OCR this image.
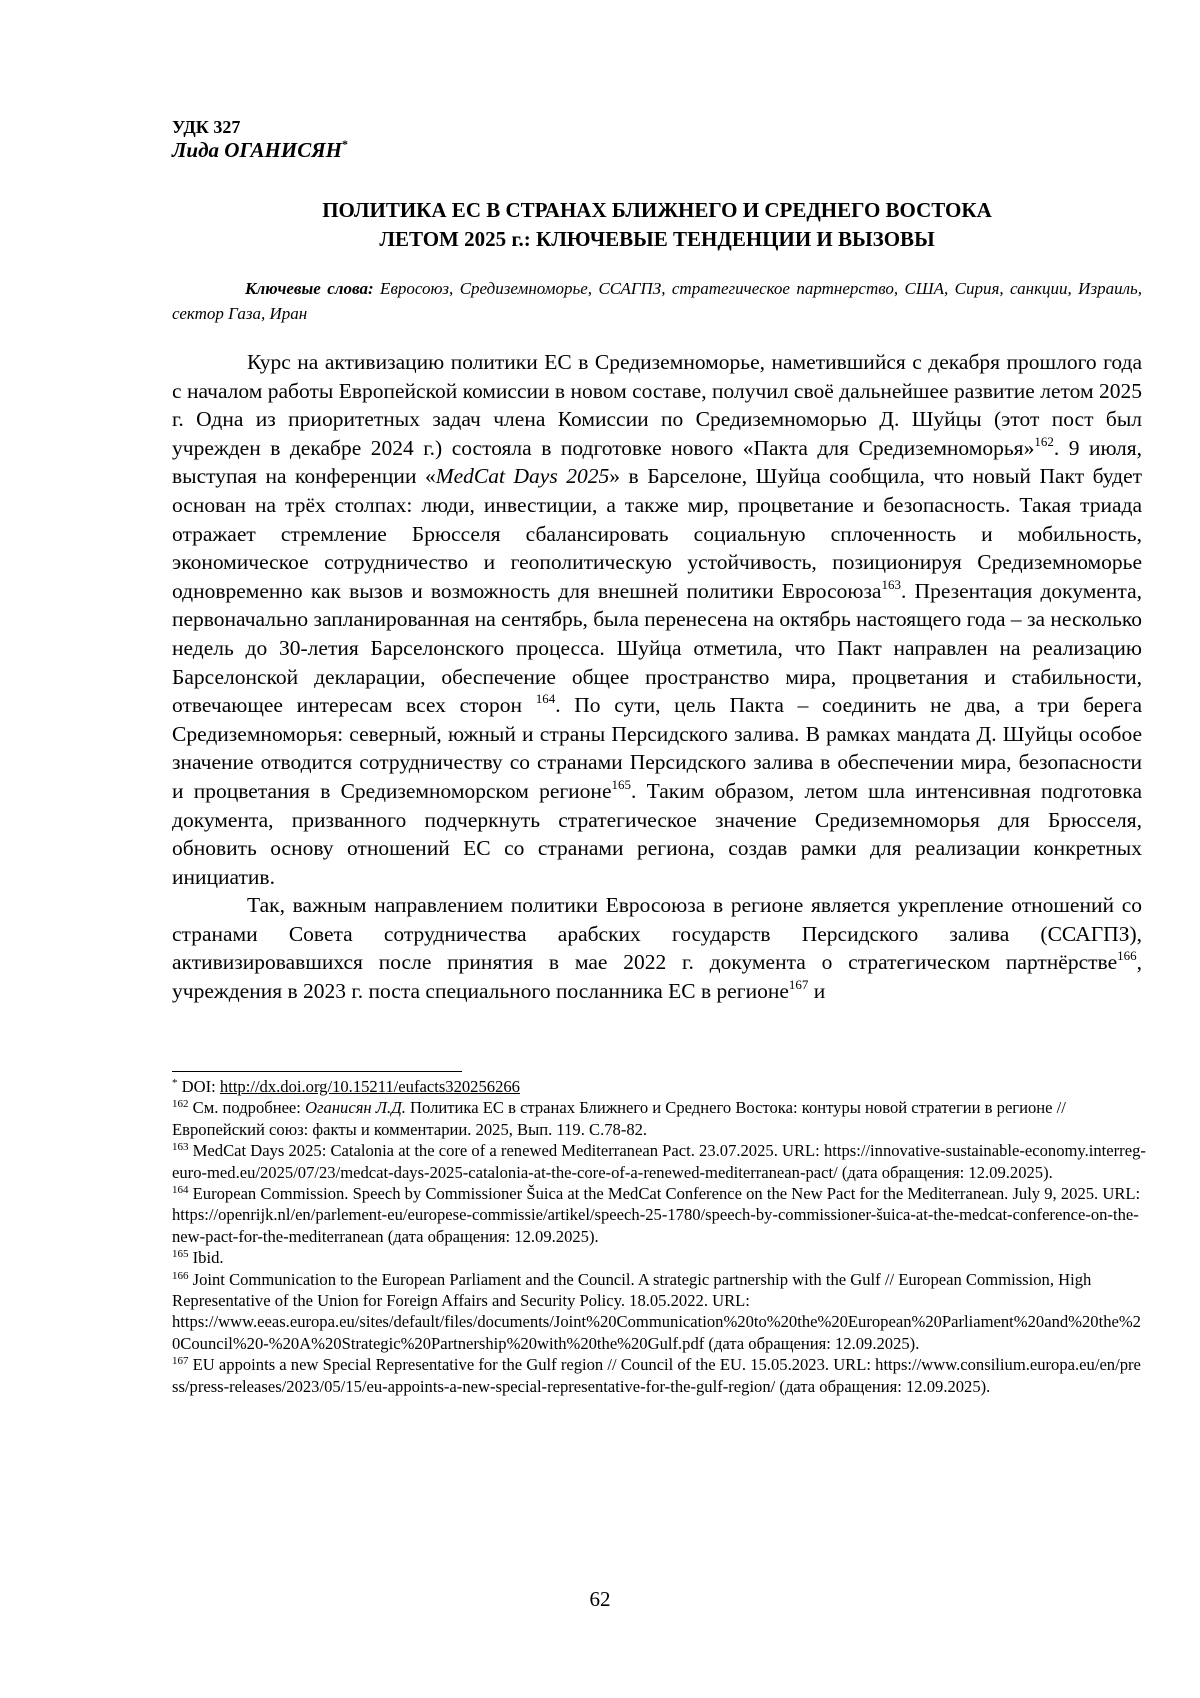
УДК 327
Лида ОГАНИСЯН*
ПОЛИТИКА ЕС В СТРАНАХ БЛИЖНЕГО И СРЕДНЕГО ВОСТОКА
ЛЕТОМ 2025 г.: КЛЮЧЕВЫЕ ТЕНДЕНЦИИ И ВЫЗОВЫ
Ключевые слова: Евросоюз, Средиземноморье, ССАГПЗ, стратегическое партнерство, США, Сирия, санкции, Израиль, сектор Газа, Иран

Курс на активизацию политики ЕС в Средиземноморье, наметившийся с декабря прошлого года с началом работы Европейской комиссии в новом составе, получил своё дальнейшее развитие летом 2025 г. Одна из приоритетных задач члена Комиссии по Средиземноморью Д. Шуйцы (этот пост был учрежден в декабре 2024 г.) состояла в подготовке нового «Пакта для Средиземноморья»$^{162}$. 9 июля, выступая на конференции «MedCat Days 2025» в Барселоне, Шуйца сообщила, что новый Пакт будет основан на трёх столпах: люди, инвестиции, а также мир, процветание и безопасность. Такая триада отражает стремление Брюсселя сбалансировать социальную сплоченность и мобильность, экономическое сотрудничество и геополитическую устойчивость, позиционируя Средиземноморье одновременно как вызов и возможность для внешней политики Евросоюза$^{163}$. Презентация документа, первоначально запланированная на сентябрь, была перенесена на октябрь настоящего года – за несколько недель до 30-летия Барселонского процесса. Шуйца отметила, что Пакт направлен на реализацию Барселонской декларации, обеспечение общее пространство мира, процветания и стабильности, отвечающее интересам всех сторон $^{164}$. По сути, цель Пакта – соединить не два, а три берега Средиземноморья: северный, южный и страны Персидского залива. В рамках мандата Д. Шуйцы особое значение отводится сотрудничеству со странами Персидского залива в обеспечении мира, безопасности и процветания в Средиземноморском регионе$^{165}$. Таким образом, летом шла интенсивная подготовка документа, призванного подчеркнуть стратегическое значение Средиземноморья для Брюсселя, обновить основу отношений ЕС со странами региона, создав рамки для реализации конкретных инициатив.

Так, важным направлением политики Евросоюза в регионе является укрепление отношений со странами Совета сотрудничества арабских государств Персидского залива (ССАГПЗ), активизировавшихся после принятия в мае 2022 г. документа о стратегическом партнёрстве$^{166}$, учреждения в 2023 г. поста специального посланника ЕС в регионе$^{167}$ и

* DOI: http://dx.doi.org/10.15211/eufacts320256266

$^{162}$ См. подробнее: Оганисян Л.Д. Политика ЕС в странах Ближнего и Среднего Востока: контуры новой стратегии в регионе // Европейский союз: факты и комментарии. 2025, Вып. 119. С.78-82.

$^{163}$ MedCat Days 2025: Catalonia at the core of a renewed Mediterranean Pact. 23.07.2025. URL: https://innovative-sustainable-economy.interreg-euro-med.eu/2025/07/23/medcat-days-2025-catalonia-at-the-core-of-a-renewed-mediterranean-pact/ (дата обращения: 12.09.2025).

$^{164}$ European Commission. Speech by Commissioner Šuica at the MedCat Conference on the New Pact for the Mediterranean. July 9, 2025. URL: https://openrijk.nl/en/parlement-eu/europese-commissie/artikel/speech-25-1780/speech-by-commissioner-šuica-at-the-medcat-conference-on-the-new-pact-for-the-mediterranean (дата обращения: 12.09.2025).

$^{165}$ Ibid.

$^{166}$ Joint Communication to the European Parliament and the Council. A strategic partnership with the Gulf // European Commission, High Representative of the Union for Foreign Affairs and Security Policy. 18.05.2022. URL:
https://www.eeas.europa.eu/sites/default/files/documents/Joint%20Communication%20to%20the%20European%20Parliament%20and%20the%20Council%20-%20A%20Strategic%20Partnership%20with%20the%20Gulf.pdf (дата обращения: 12.09.2025).

$^{167}$ EU appoints a new Special Representative for the Gulf region // Council of the EU. 15.05.2023. URL: https://www.consilium.europa.eu/en/press/press-releases/2023/05/15/eu-appoints-a-new-special-representative-for-the-gulf-region/ (дата обращения: 12.09.2025).

62
